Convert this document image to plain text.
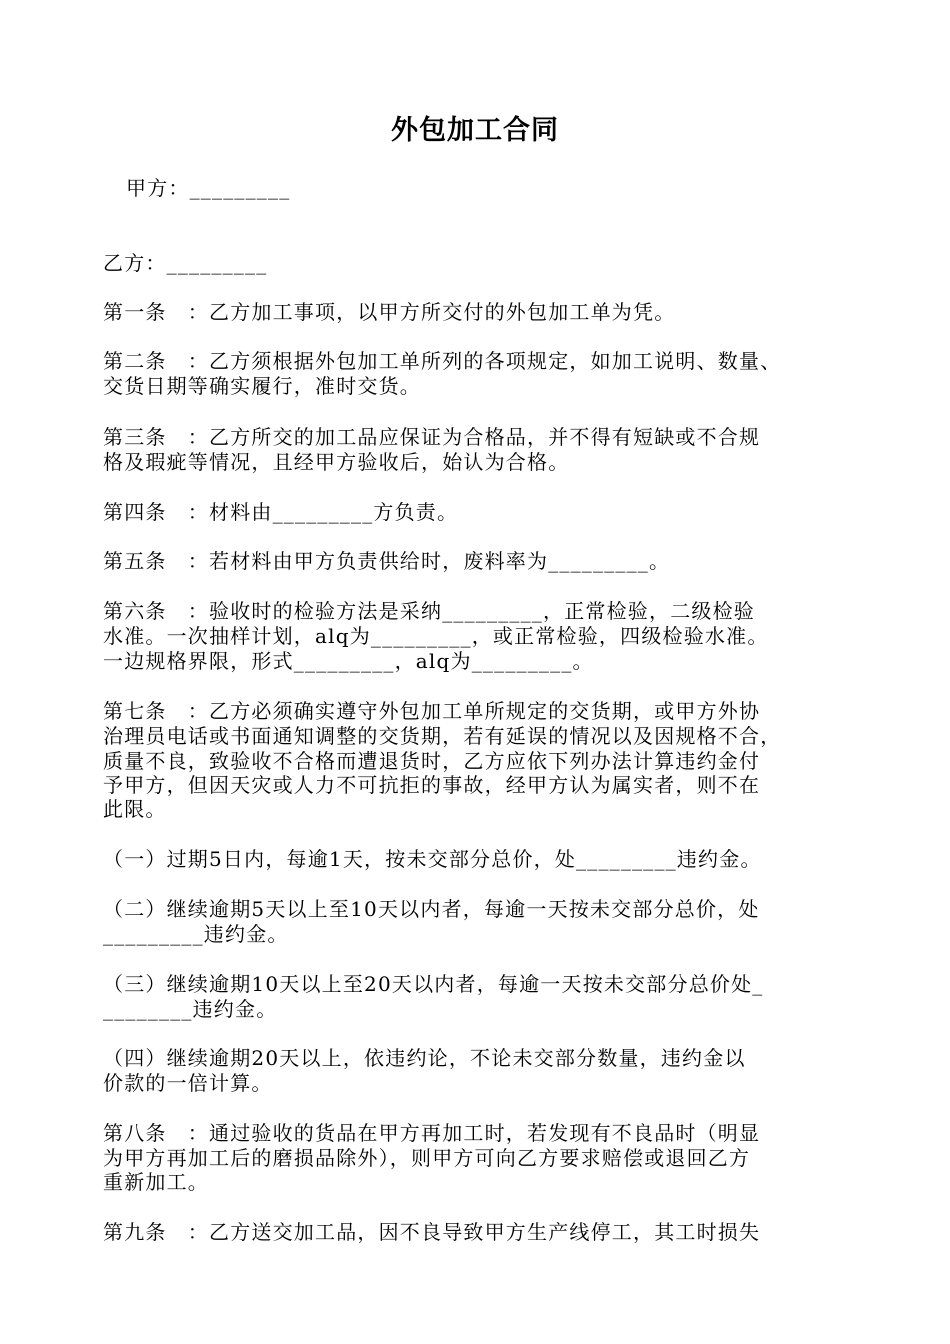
外包加工合同
甲方：_________
乙方：_________
第一条　：乙方加工事项，以甲方所交付的外包加工单为凭。
第二条　：乙方须根据外包加工单所列的各项规定，如加工说明、数量、
交货日期等确实履行，准时交货。
第三条　：乙方所交的加工品应保证为合格品，并不得有短缺或不合规
格及瑕疵等情况，且经甲方验收后，始认为合格。
第四条　：材料由_________方负责。
第五条　：若材料由甲方负责供给时，废料率为_________。
第六条　：验收时的检验方法是采纳_________，正常检验，二级检验
水准。一次抽样计划，alq为_________，或正常检验，四级检验水准。
一边规格界限，形式_________，alq为_________。
第七条　：乙方必须确实遵守外包加工单所规定的交货期，或甲方外协
治理员电话或书面通知调整的交货期，若有延误的情况以及因规格不合，
质量不良，致验收不合格而遭退货时，乙方应依下列办法计算违约金付
予甲方，但因天灾或人力不可抗拒的事故，经甲方认为属实者，则不在
此限。
（一）过期5日内，每逾1天，按未交部分总价，处_________违约金。
（二）继续逾期5天以上至10天以内者，每逾一天按未交部分总价，处
_________违约金。
（三）继续逾期10天以上至20天以内者，每逾一天按未交部分总价处_
________违约金。
（四）继续逾期20天以上，依违约论，不论未交部分数量，违约金以
价款的一倍计算。
第八条　：通过验收的货品在甲方再加工时，若发现有不良品时（明显
为甲方再加工后的磨损品除外），则甲方可向乙方要求赔偿或退回乙方
重新加工。
第九条　：乙方送交加工品，因不良导致甲方生产线停工，其工时损失
